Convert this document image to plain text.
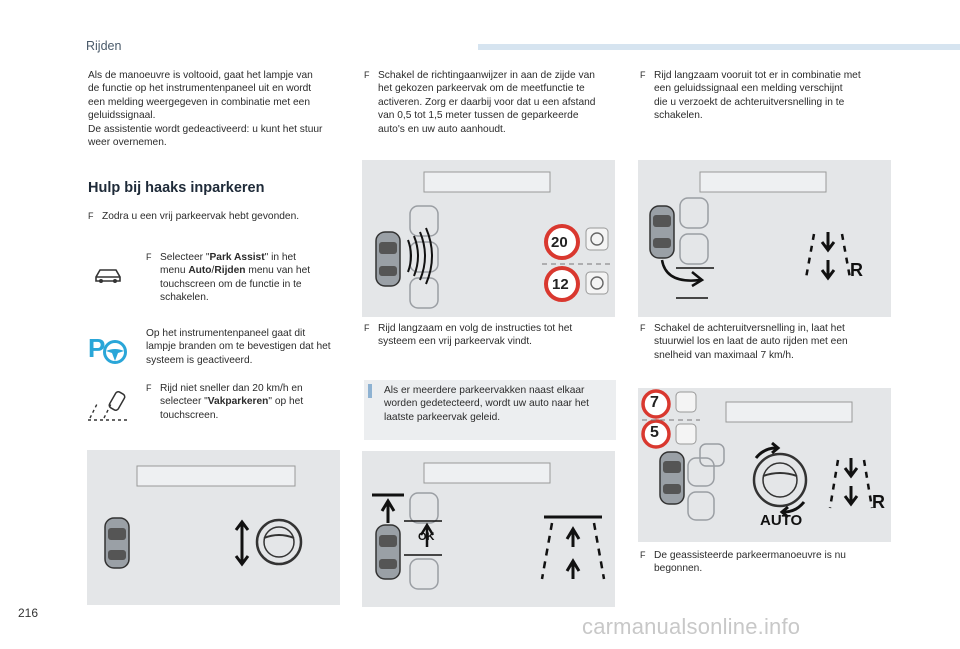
Rijden
Als de manoeuvre is voltooid, gaat het lampje van
de functie op het instrumentenpaneel uit en wordt
een melding weergegeven in combinatie met een
geluidssignaal.
De assistentie wordt gedeactiveerd: u kunt het stuur
weer overnemen.
Hulp bij haaks inparkeren
F Zodra u een vrij parkeervak hebt gevonden.
F Selecteer "Park Assist" in het
menu Auto/Rijden menu van het
touchscreen om de functie in te
schakelen.
P	Op het instrumentenpaneel gaat dit
lampje branden om te bevestigen dat het
systeem is geactiveerd.
F Rijd niet sneller dan 20 km/h en
selecteer "Vakparkeren" op het
touchscreen.
F Schakel de richtingaanwijzer in aan de zijde van
het gekozen parkeervak om de meetfunctie te
activeren. Zorg er daarbij voor dat u een afstand
van 0,5 tot 1,5 meter tussen de geparkeerde
auto's en uw auto aanhoudt.
20
12
F Rijd langzaam en volg de instructies tot het
systeem een vrij parkeervak vindt.
Als er meerdere parkeervakken naast elkaar
worden gedetecteerd, wordt uw auto naar het
laatste parkeervak geleid.
OK
F Rijd langzaam vooruit tot er in combinatie met
een geluidssignaal een melding verschijnt
die u verzoekt de achteruitversnelling in te
schakelen.
R
F Schakel de achteruitversnelling in, laat het
stuurwiel los en laat de auto rijden met een
snelheid van maximaal 7 km/h.
7
5
AUTO
R
F De geassisteerde parkeermanoeuvre is nu
begonnen.
216
carmanualsonline.info
